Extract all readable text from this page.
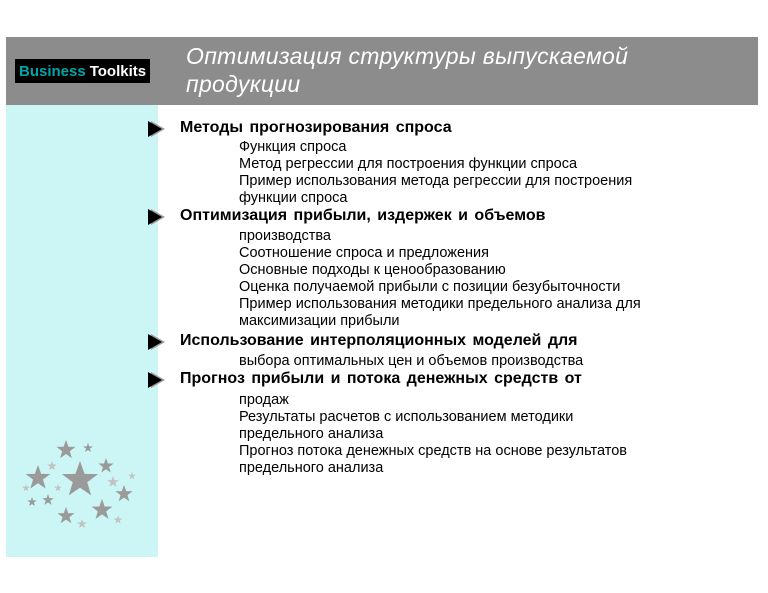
Business Toolkits
Оптимизация структуры выпускаемой продукции
Методы прогнозирования спроса
Функция спроса
Метод регрессии для построения функции спроса
Пример использования метода регрессии для построения
функции спроса
Оптимизация прибыли, издержек и объемов
производства
Соотношение спроса и предложения
Основные подходы к ценообразованию
Оценка получаемой прибыли с позиции безубыточности
Пример использования методики предельного анализа для
максимизации прибыли
Использование интерполяционных моделей для
выбора оптимальных цен и объемов производства
Прогноз прибыли и потока денежных средств от
продаж
Результаты расчетов с использованием методики
предельного анализа
Прогноз потока денежных средств на основе результатов
предельного анализа
